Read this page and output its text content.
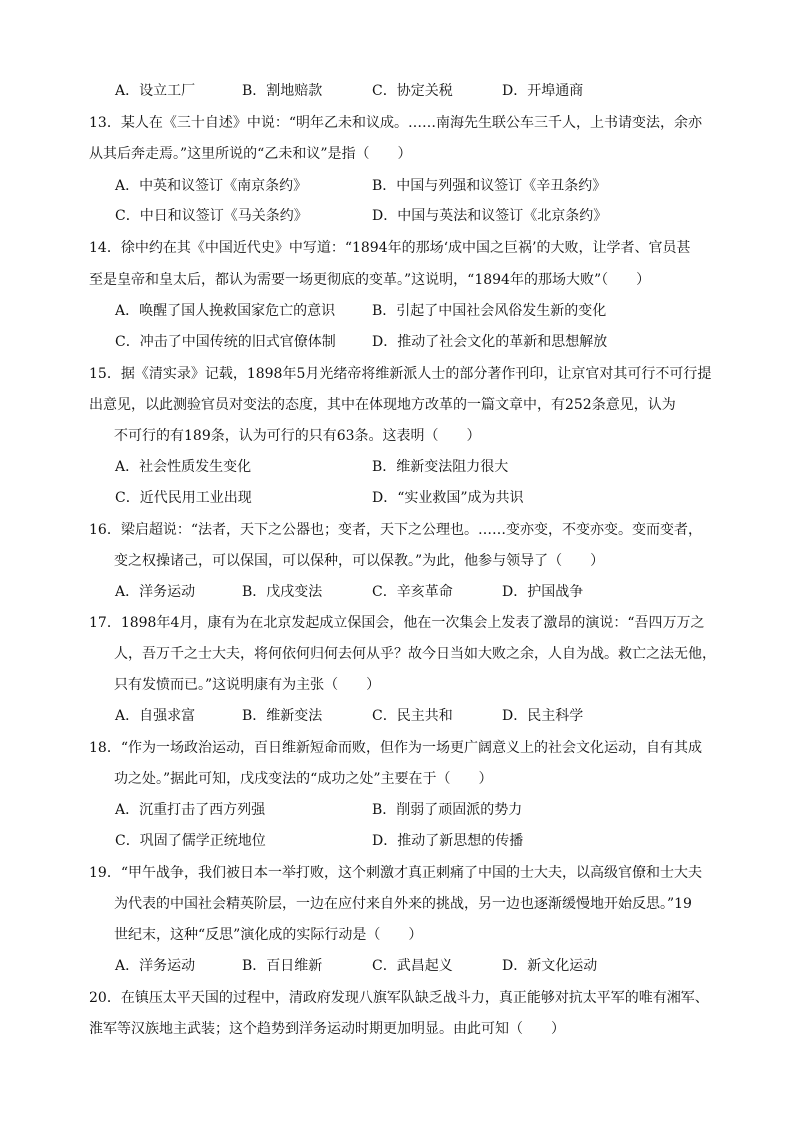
A．设立工厂	B．割地赔款	C．协定关税	D．开埠通商
13．某人在《三十自述》中说：“明年乙未和议成。……南海先生联公车三千人，上书请变法，余亦
从其后奔走焉。”这里所说的“乙未和议”是指（　　）
A．中英和议签订《南京条约》	B．中国与列强和议签订《辛丑条约》
C．中日和议签订《马关条约》	D．中国与英法和议签订《北京条约》
14．徐中约在其《中国近代史》中写道：“1894年的那场‘成中国之巨祸’的大败，让学者、官员甚
至是皇帝和皇太后，都认为需要一场更彻底的变革。”这说明，“1894年的那场大败”（　　）
A．唤醒了国人挽救国家危亡的意识	B．引起了中国社会风俗发生新的变化
C．冲击了中国传统的旧式官僚体制	D．推动了社会文化的革新和思想解放
15．据《清实录》记载，1898年5月光绪帝将维新派人士的部分著作刊印，让京官对其可行不可行提
出意见，以此测验官员对变法的态度，其中在体现地方改革的一篇文章中，有252条意见，认为
不可行的有189条，认为可行的只有63条。这表明（　　）
A．社会性质发生变化	B．维新变法阻力很大
C．近代民用工业出现	D．“实业救国”成为共识
16．梁启超说：“法者，天下之公器也；变者，天下之公理也。……变亦变，不变亦变。变而变者，
变之权操诸己，可以保国，可以保种，可以保教。”为此，他参与领导了（　　）
A．洋务运动	B．戊戌变法	C．辛亥革命	D．护国战争
17．1898年4月，康有为在北京发起成立保国会，他在一次集会上发表了激昂的演说：“吾四万万之
人，吾万千之士大夫，将何依何归何去何从乎？故今日当如大败之余，人自为战。救亡之法无他，
只有发愤而已。”这说明康有为主张（　　）
A．自强求富	B．维新变法	C．民主共和	D．民主科学
18．“作为一场政治运动，百日维新短命而败，但作为一场更广阔意义上的社会文化运动，自有其成
功之处。”据此可知，戊戌变法的“成功之处”主要在于（　　）
A．沉重打击了西方列强	B．削弱了顽固派的势力
C．巩固了儒学正统地位	D．推动了新思想的传播
19．“甲午战争，我们被日本一举打败，这个刺激才真正刺痛了中国的士大夫，以高级官僚和士大夫
为代表的中国社会精英阶层，一边在应付来自外来的挑战，另一边也逐渐缓慢地开始反思。”19
世纪末，这种“反思”演化成的实际行动是（　　）
A．洋务运动	B．百日维新	C．武昌起义	D．新文化运动
20．在镇压太平天国的过程中，清政府发现八旗军队缺乏战斗力，真正能够对抗太平军的唯有湘军、
淮军等汉族地主武装；这个趋势到洋务运动时期更加明显。由此可知（　　）
